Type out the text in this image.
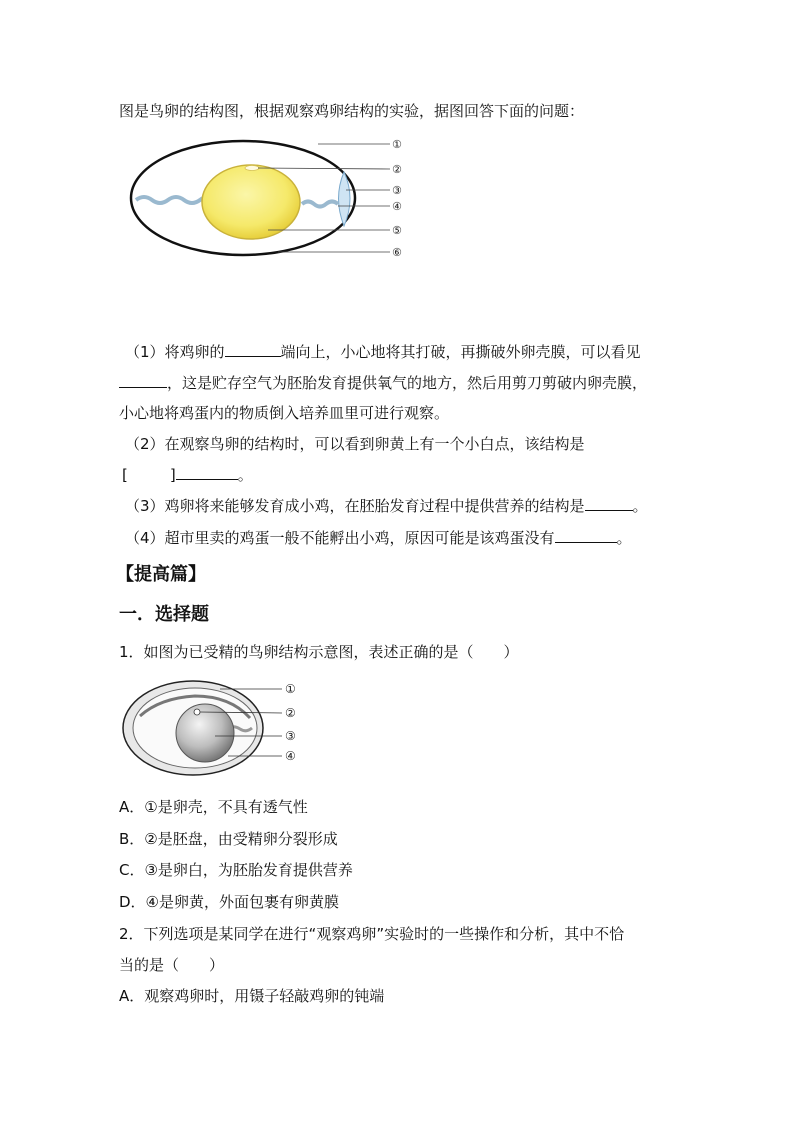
图是鸟卵的结构图，根据观察鸡卵结构的实验，据图回答下面的问题：
①
②
③
④
⑤
⑥
（1）将鸡卵的	端向上，小心地将其打破，再撕破外卵壳膜，可以看见
，这是贮存空气为胚胎发育提供氧气的地方，然后用剪刀剪破内卵壳膜，
小心地将鸡蛋内的物质倒入培养皿里可进行观察。
（2）在观察鸟卵的结构时，可以看到卵黄上有一个小白点，该结构是
[	]	。
（3）鸡卵将来能够发育成小鸡，在胚胎发育过程中提供营养的结构是	。
（4）超市里卖的鸡蛋一般不能孵出小鸡，原因可能是该鸡蛋没有	。
【提高篇】
一．选择题
1．如图为已受精的鸟卵结构示意图，表述正确的是（　　）
①
②
③
④
A．①是卵壳，不具有透气性
B．②是胚盘，由受精卵分裂形成
C．③是卵白，为胚胎发育提供营养
D．④是卵黄，外面包裹有卵黄膜
2．下列选项是某同学在进行“观察鸡卵”实验时的一些操作和分析，其中不恰
当的是（　　）
A．观察鸡卵时，用镊子轻敲鸡卵的钝端
